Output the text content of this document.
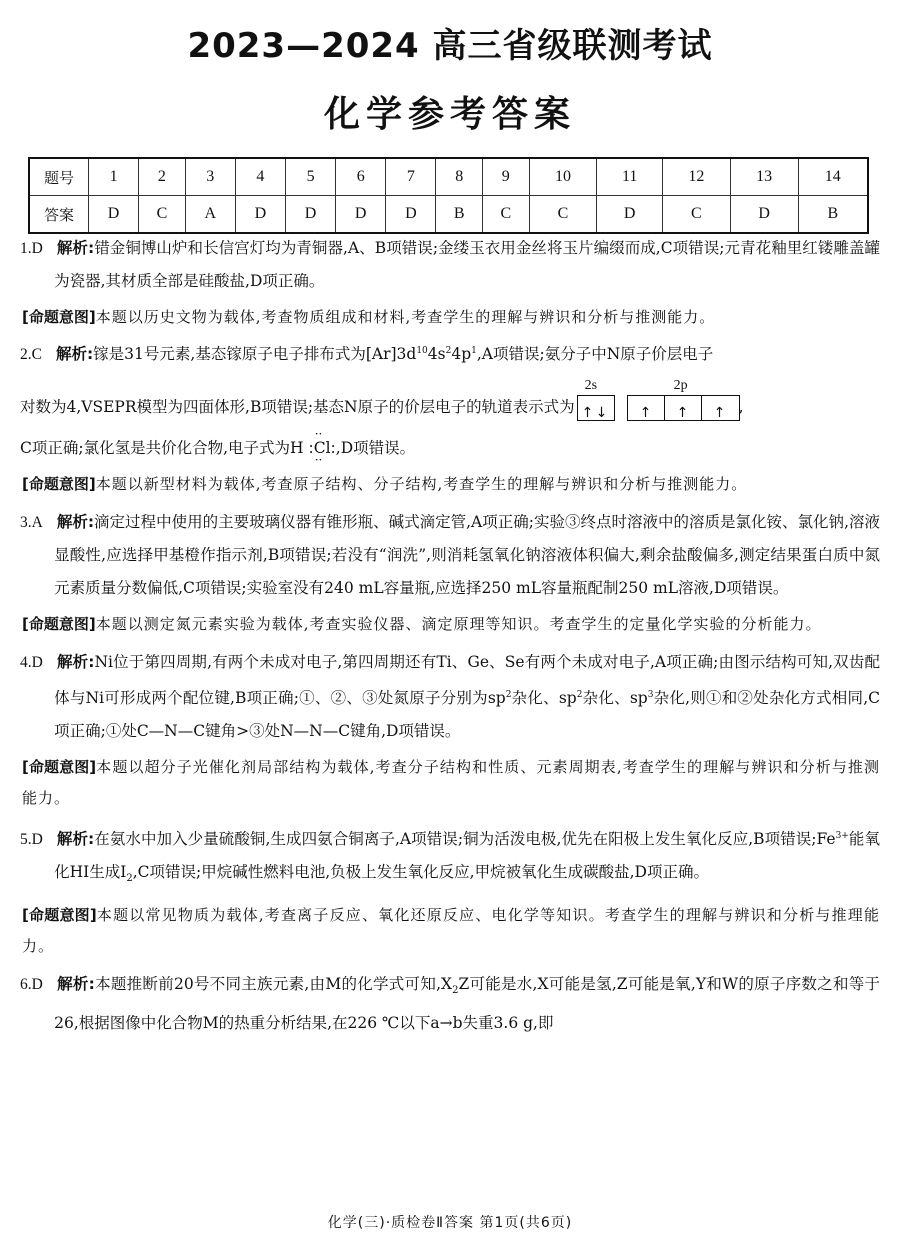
2023—2024 高三省级联测考试
化学参考答案
题号	1	2	3	4	5	6	7	8	9	10	11	12	13	14
答案	D	C	A	D	D	D	D	B	C	C	D	C	D	B

1.D 解析:错金铜博山炉和长信宫灯均为青铜器,A、B项错误;金缕玉衣用金丝将玉片编缀而成,C项错误;元青花釉里红镂雕盖罐为瓷器,其材质全部是硅酸盐,D项正确。

[命题意图]本题以历史文物为载体,考查物质组成和材料,考查学生的理解与辨识和分析与推测能力。

2.C 解析:镓是31号元素,基态镓原子电子排布式为$[Ar]3d^{10}4s^24p^1,A$项错误;氨分子中N原子价层电子

对数为4,VSEPR模型为四面体形,B项错误;基态N原子的价层电子的轨道表示式为
2s
↑ ↓
2p
↑ ↑ ↑ ,

C项正确;氯化氢是共价化合物,电子式为H :
··
Cl
··
:,D项错误。

[命题意图]本题以新型材料为载体,考查原子结构、分子结构,考查学生的理解与辨识和分析与推测能力。

3.A 解析:滴定过程中使用的主要玻璃仪器有锥形瓶、碱式滴定管,A项正确;实验③终点时溶液中的溶质是氯化铵、氯化钠,溶液显酸性,应选择甲基橙作指示剂,B项错误;若没有“润洗”,则消耗氢氧化钠溶液体积偏大,剩余盐酸偏多,测定结果蛋白质中氮元素质量分数偏低,C项错误;实验室没有240 mL容量瓶,应选择250 mL容量瓶配制250 mL溶液,D项错误。

[命题意图]本题以测定氮元素实验为载体,考查实验仪器、滴定原理等知识。考查学生的定量化学实验的分析能力。

4.D 解析:Ni位于第四周期,有两个未成对电子,第四周期还有Ti、Ge、Se有两个未成对电子,A项正确;由图示结构可知,双齿配体与Ni可形成两个配位键,B项正确;①、②、③处氮原子分别为$sp^2$杂化、$sp^2$杂化、$sp^3$杂化,则①和②处杂化方式相同,C项正确;①处C—N—C键角>③处N—N—C键角,D项错误。

[命题意图]本题以超分子光催化剂局部结构为载体,考查分子结构和性质、元素周期表,考查学生的理解与辨识和分析与推测能力。

5.D 解析:在氨水中加入少量硫酸铜,生成四氨合铜离子,A项错误;铜为活泼电极,优先在阳极上发生氧化反应,B项错误$;Fe^{3+}$能氧化HI生成$I_2,C$项错误;甲烷碱性燃料电池,负极上发生氧化反应,甲烷被氧化生成碳酸盐,D项正确。

[命题意图]本题以常见物质为载体,考查离子反应、氧化还原反应、电化学等知识。考查学生的理解与辨识和分析与推理能力。

6.D 解析:本题推断前20号不同主族元素,由M的化学式可知$,X_2Z$可能是水,X可能是氢,Z可能是氧,Y和W的原子序数之和等于26,根据图像中化合物M的热重分析结果,在226 ℃以下a→b失重3.6 g,即

化学(三)·质检卷Ⅱ答案 第1页(共6页)
